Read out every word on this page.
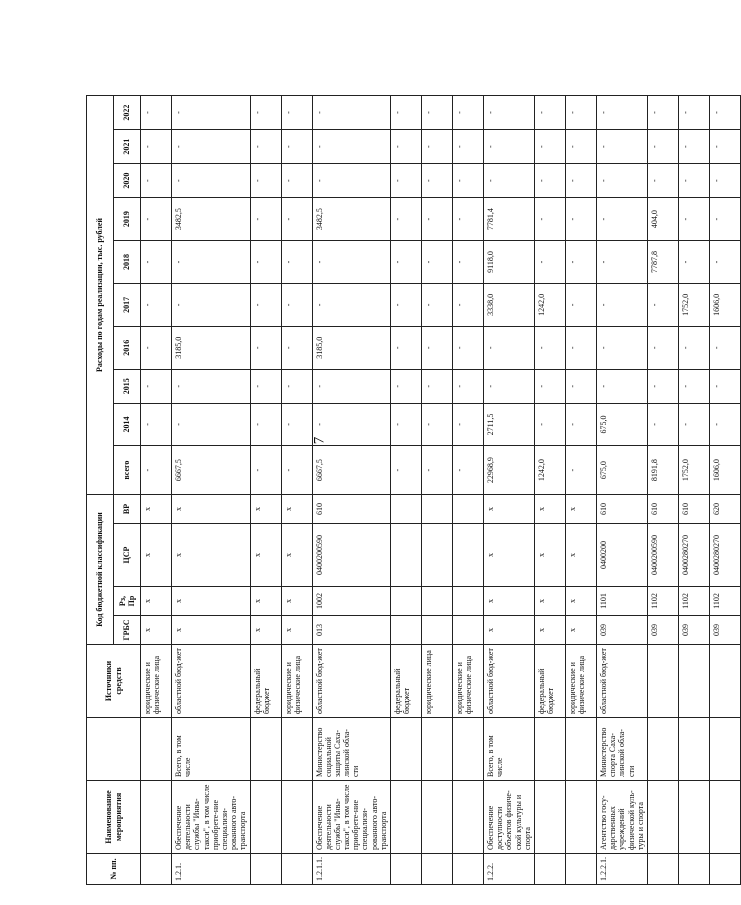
7
№ пп.	Наименование мероприятия		Источники средств	Код бюджетной классификации				Расходы по годам реализации, тыс. рублей									
				ГРБС	Рз, Пр	ЦСР	ВР	всего	2014	2015	2016	2017	2018	2019	2020	2021	2022
			юридические и физические лица	x	x	x	x	-	-	-	-	-	-	-	-	-	-
1.2.1.	Обеспечение деятельности службы "Инва-такси", в том числе приобрете-ние специализи-рованного авто-транспорта	Всего, в том числе	областной бюд-жет	x	x	x	x	6667,5	-	-	3185,0	-	-	3482,5	-	-	-
			федеральный бюджет	x	x	x	x	-	-	-	-	-	-	-	-	-	-
			юридические и физические лица	x	x	x	x	-	-	-	-	-	-	-	-	-	-
1.2.1.1.	Обеспечение деятельности службы "Инва-такси", в том числе приобрете-ние специализи-рованного авто-транспорта	Министерство социальной защиты Саха-линской обла-сти	областной бюд-жет	013	1002	0400200590	610	6667,5	-	-	3185,0	-	-	3482,5	-	-	-
			федеральный бюджет					-	-	-	-	-	-	-	-	-	-
			юридические лица					-	-	-	-	-	-	-	-	-	-
			юридические и физические лица					-	-	-	-	-	-	-	-	-	-
1.2.2.	Обеспечение доступности объектов физиче-ской культуры и спорта	Всего, в том числе	областной бюд-жет	x	x	x	x	22968,9	2711,5	-	-	3338,0	9118,0	7781,4	-	-	-
			федеральный бюджет	x	x	x	x	1242,0	-	-	-	1242,0	-	-	-	-	-
			юридические и физические лица	x	x	x	x	-	-	-	-	-	-	-	-	-	-
1.2.2.1.	Агентство госу-дарственных учреждений физической куль-туры и спорта	Министерство спорта Саха-линской обла-сти	областной бюд-жет	039	1101	0400200	610	675,0	675,0	-	-	-	-	-	-	-	-
				039	1102	0400200590	610	8191,8	-	-	-	-	7787,8	404,0	-	-	-
				039	1102	0400280270	610	1752,0	-	-	-	1752,0	-	-	-	-	-
				039	1102	0400280270	620	1606,0	-	-	-	1606,0	-	-	-	-	-
